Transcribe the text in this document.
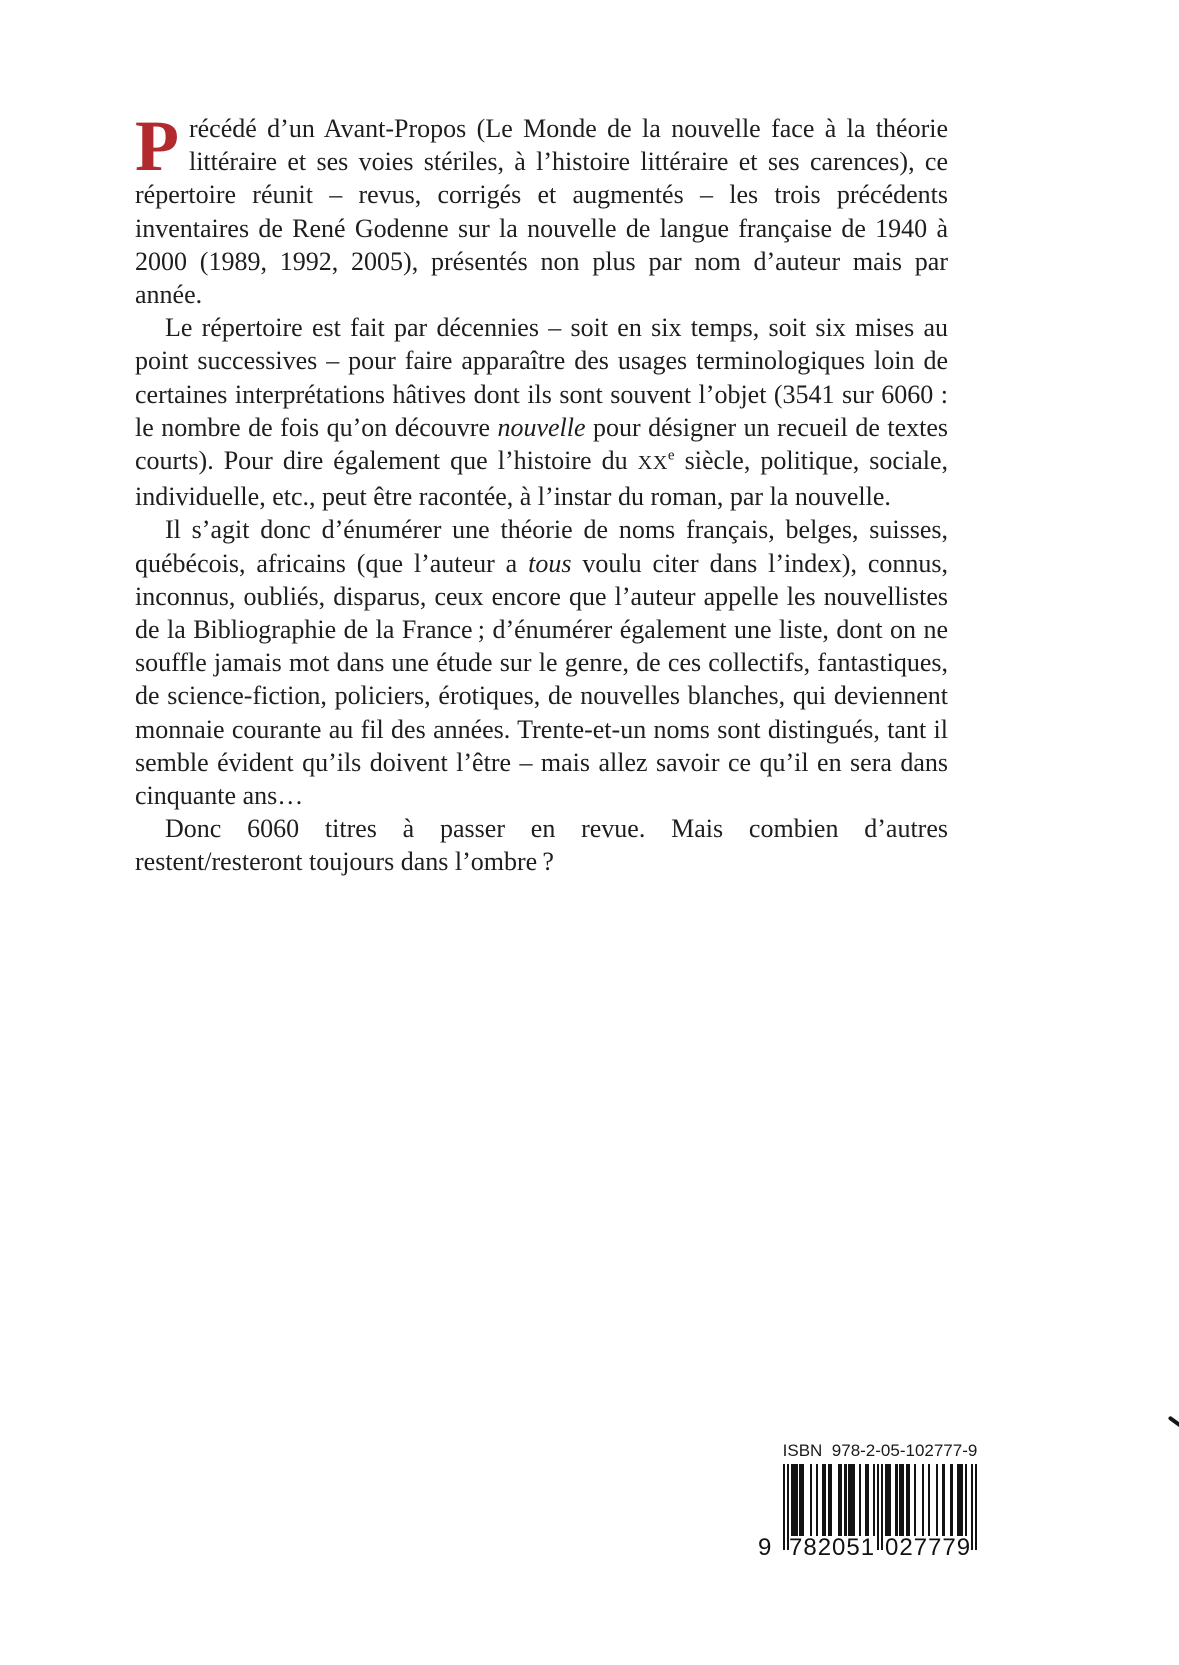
Précédé d’un Avant-Propos (Le Monde de la nouvelle face à la théorie littéraire et ses voies stériles, à l’histoire littéraire et ses carences), ce répertoire réunit – revus, corrigés et augmentés – les trois précédents inventaires de René Godenne sur la nouvelle de langue française de 1940 à 2000 (1989, 1992, 2005), présentés non plus par nom d’auteur mais par année.

Le répertoire est fait par décennies – soit en six temps, soit six mises au point successives – pour faire apparaître des usages terminologiques loin de certaines interprétations hâtives dont ils sont souvent l’objet (3541 sur 6060 : le nombre de fois qu’on découvre nouvelle pour désigner un recueil de textes courts). Pour dire également que l’histoire du XXe siècle, politique, sociale, individuelle, etc., peut être racontée, à l’instar du roman, par la nouvelle.

Il s’agit donc d’énumérer une théorie de noms français, belges, suisses, québécois, africains (que l’auteur a tous voulu citer dans l’index), connus, inconnus, oubliés, disparus, ceux encore que l’auteur appelle les nouvellistes de la Bibliographie de la France ; d’énumérer également une liste, dont on ne souffle jamais mot dans une étude sur le genre, de ces collectifs, fantastiques, de science-fiction, policiers, érotiques, de nouvelles blanches, qui deviennent monnaie courante au fil des années. Trente-et-un noms sont distingués, tant il semble évident qu’ils doivent l’être – mais allez savoir ce qu’il en sera dans cinquante ans…

Donc 6060 titres à passer en revue. Mais combien d’autres restent/resteront toujours dans l’ombre ?

ISBN  978-2-05-102777-9
9 782051 027779
